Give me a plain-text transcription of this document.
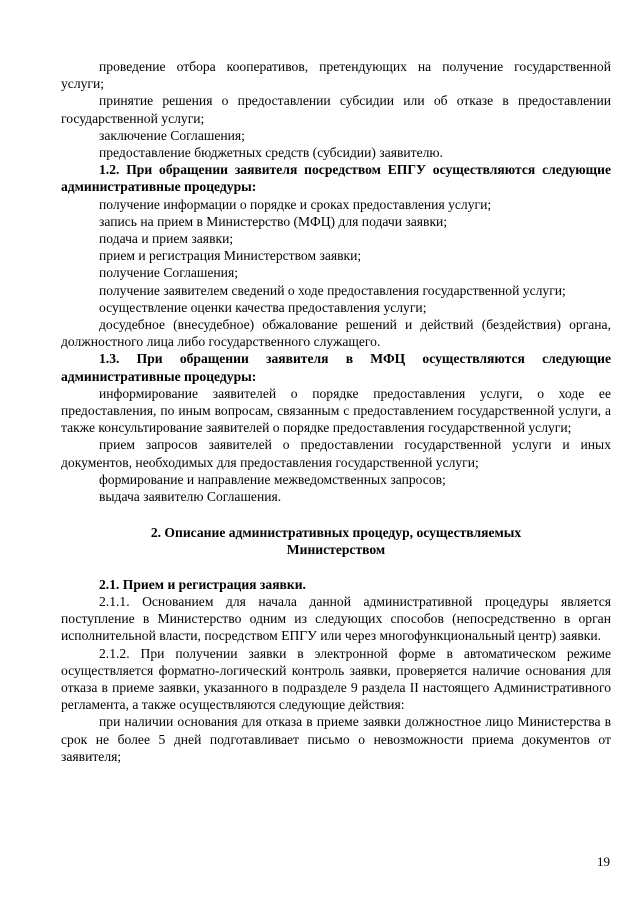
проведение отбора кооперативов, претендующих на получение государственной услуги;

принятие решения о предоставлении субсидии или об отказе в предоставлении государственной услуги;

заключение Соглашения;

предоставление бюджетных средств (субсидии) заявителю.

1.2. При обращении заявителя посредством ЕПГУ осуществляются следующие административные процедуры:

получение информации о порядке и сроках предоставления услуги;

запись на прием в Министерство (МФЦ) для подачи заявки;

подача и прием заявки;

прием и регистрация Министерством заявки;

получение Соглашения;

получение заявителем сведений о ходе предоставления государственной услуги;

осуществление оценки качества предоставления услуги;

досудебное (внесудебное) обжалование решений и действий (бездействия) органа, должностного лица либо государственного служащего.

1.3. При обращении заявителя в МФЦ осуществляются следующие административные процедуры:

информирование заявителей о порядке предоставления услуги, о ходе ее предоставления, по иным вопросам, связанным с предоставлением государственной услуги, а также консультирование заявителей о порядке предоставления государственной услуги;

прием запросов заявителей о предоставлении государственной услуги и иных документов, необходимых для предоставления государственной услуги;

формирование и направление межведомственных запросов;

выдача заявителю Соглашения.

2. Описание административных процедур, осуществляемых

Министерством

2.1. Прием и регистрация заявки.

2.1.1. Основанием для начала данной административной процедуры является поступление в Министерство одним из следующих способов (непосредственно в орган исполнительной власти, посредством ЕПГУ или через многофункциональный центр) заявки.

2.1.2. При получении заявки в электронной форме в автоматическом режиме осуществляется форматно-логический контроль заявки, проверяется наличие основания для отказа в приеме заявки, указанного в подразделе 9 раздела II настоящего Административного регламента, а также осуществляются следующие действия:

при наличии основания для отказа в приеме заявки должностное лицо Министерства в срок не более 5 дней подготавливает письмо о невозможности приема документов от заявителя;

19
